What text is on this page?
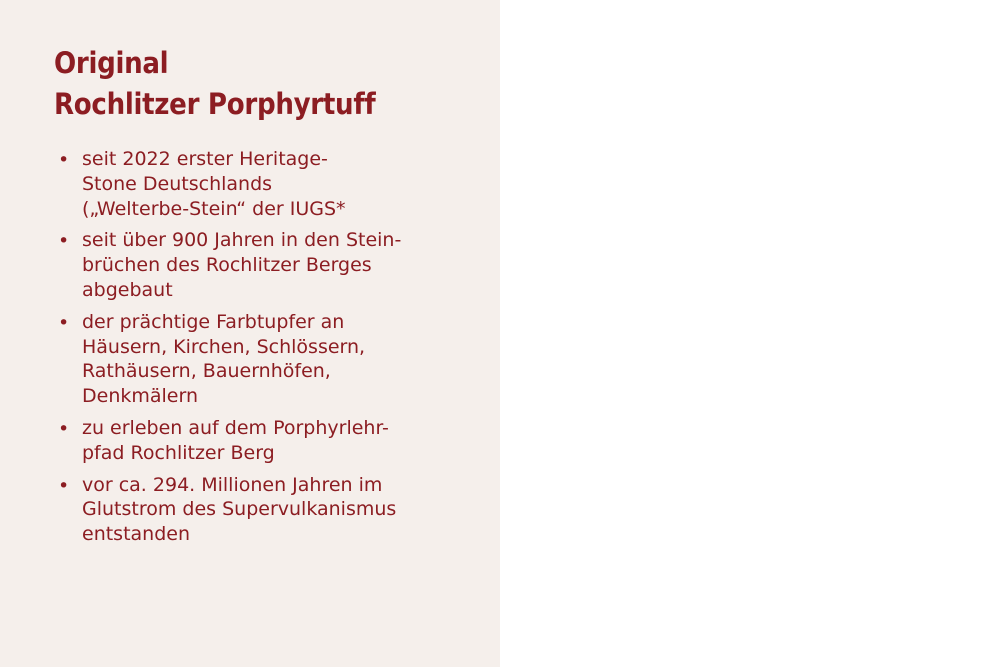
Original
Rochlitzer Porphyrtuff
• seit 2022 erster Heritage-
Stone Deutschlands
(„Welterbe-Stein“ der IUGS*
• seit über 900 Jahren in den Stein-
brüchen des Rochlitzer Berges
abgebaut
• der prächtige Farbtupfer an
Häusern, Kirchen, Schlössern,
Rathäusern, Bauernhöfen,
Denkmälern
• zu erleben auf dem Porphyrlehr-
pfad Rochlitzer Berg
• vor ca. 294. Millionen Jahren im
Glutstrom des Supervulkanismus
entstanden
